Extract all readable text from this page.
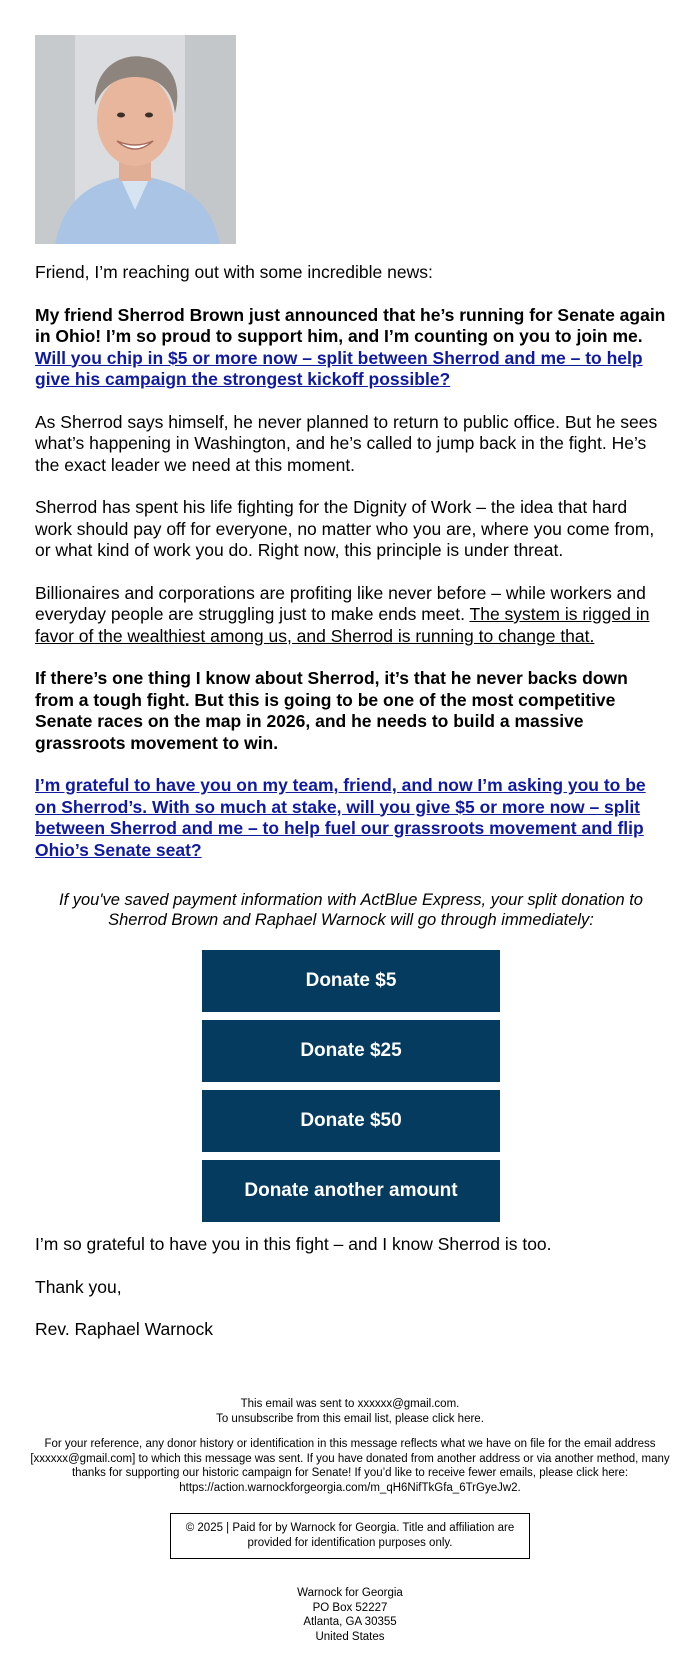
Friend, I’m reaching out with some incredible news:

My friend Sherrod Brown just announced that he’s running for Senate again in Ohio! I’m so proud to support him, and I’m counting on you to join me. Will you chip in $5 or more now – split between Sherrod and me – to help give his campaign the strongest kickoff possible?

As Sherrod says himself, he never planned to return to public office. But he sees what’s happening in Washington, and he’s called to jump back in the fight. He’s the exact leader we need at this moment.

Sherrod has spent his life fighting for the Dignity of Work – the idea that hard work should pay off for everyone, no matter who you are, where you come from, or what kind of work you do. Right now, this principle is under threat.

Billionaires and corporations are profiting like never before – while workers and everyday people are struggling just to make ends meet. The system is rigged in favor of the wealthiest among us, and Sherrod is running to change that.

If there’s one thing I know about Sherrod, it’s that he never backs down from a tough fight. But this is going to be one of the most competitive Senate races on the map in 2026, and he needs to build a massive grassroots movement to win.

I’m grateful to have you on my team, friend, and now I’m asking you to be on Sherrod’s. With so much at stake, will you give $5 or more now – split between Sherrod and me – to help fuel our grassroots movement and flip Ohio’s Senate seat?

If you've saved payment information with ActBlue Express, your split donation to Sherrod Brown and Raphael Warnock will go through immediately:

Donate $5
Donate $25
Donate $50
Donate another amount

I’m so grateful to have you in this fight – and I know Sherrod is too.

Thank you,

Rev. Raphael Warnock

This email was sent to xxxxxx@gmail.com.
To unsubscribe from this email list, please click here.
For your reference, any donor history or identification in this message reflects what we have on file for the email address [xxxxxx@gmail.com] to which this message was sent. If you have donated from another address or via another method, many thanks for supporting our historic campaign for Senate! If you’d like to receive fewer emails, please click here: https://action.warnockforgeorgia.com/m_qH6NifTkGfa_6TrGyeJw2.
© 2025 | Paid for by Warnock for Georgia. Title and affiliation are provided for identification purposes only.
Warnock for Georgia
PO Box 52227
Atlanta, GA 30355
United States
